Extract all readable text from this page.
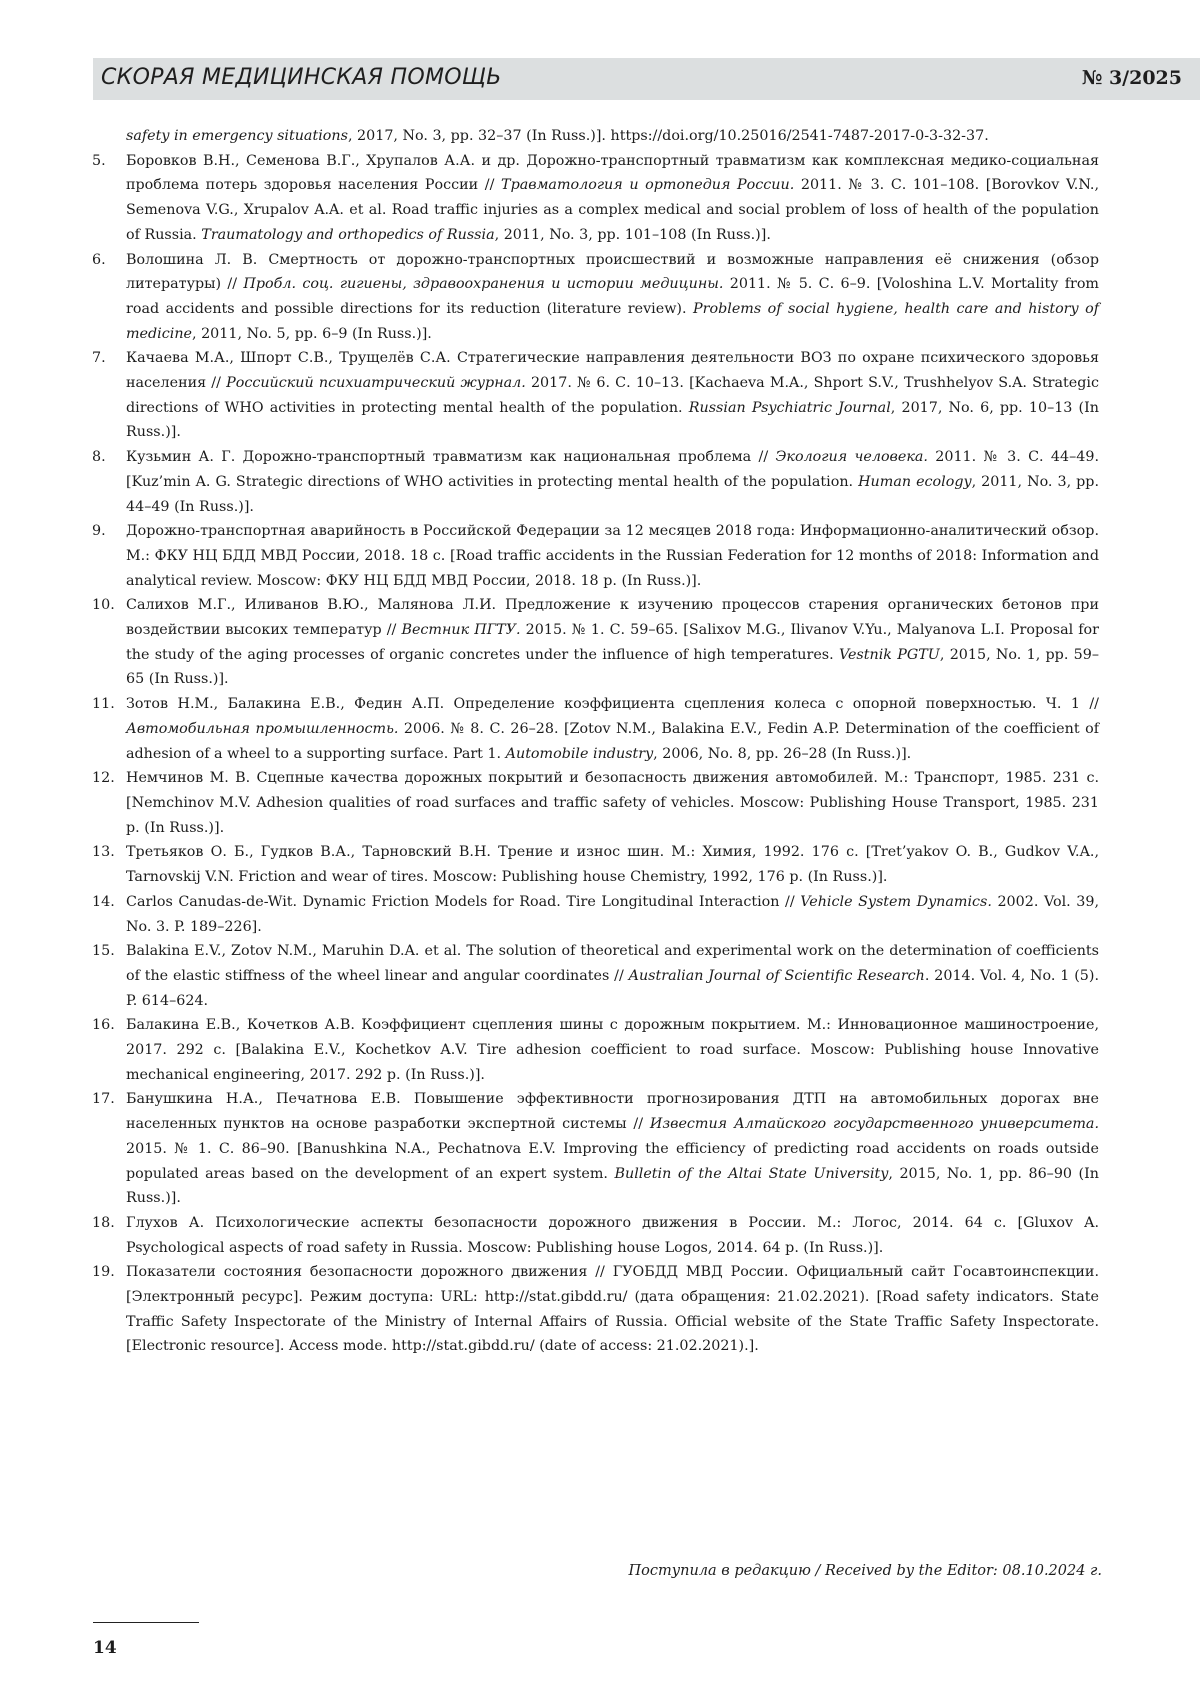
СКОРАЯ МЕДИЦИНСКАЯ ПОМОЩЬ	№ 3/2025
safety in emergency situations, 2017, No. 3, pp. 32–37 (In Russ.)]. https://doi.org/10.25016/2541-7487-2017-0-3-32-37.
5. Боровков В.Н., Семенова В.Г., Хрупалов А.А. и др. Дорожно-транспортный травматизм как комплексная медико-социальная проблема потерь здоровья населения России // Травматология и ортопедия России. 2011. № 3. С. 101–108. [Borovkov V.N., Semenova V.G., Xrupalov A.A. et al. Road traffic injuries as a complex medical and social problem of loss of health of the population of Russia. Traumatology and orthopedics of Russia, 2011, No. 3, pp. 101–108 (In Russ.)].
6. Волошина Л. В. Смертность от дорожно-транспортных происшествий и возможные направления её снижения (обзор литературы) // Пробл. соц. гигиены, здравоохранения и истории медицины. 2011. № 5. С. 6–9. [Voloshina L.V. Mortality from road accidents and possible directions for its reduction (literature review). Problems of social hygiene, health care and history of medicine, 2011, No. 5, pp. 6–9 (In Russ.)].
7. Качаева М.А., Шпорт С.В., Трущелёв С.А. Стратегические направления деятельности ВОЗ по охране психического здоровья населения // Российский психиатрический журнал. 2017. № 6. С. 10–13. [Kachaeva M.A., Shport S.V., Trushhelyov S.A. Strategic directions of WHO activities in protecting mental health of the population. Russian Psychiatric Journal, 2017, No. 6, pp. 10–13 (In Russ.)].
8. Кузьмин А. Г. Дорожно-транспортный травматизм как национальная проблема // Экология человека. 2011. № 3. С. 44–49. [Kuz’min A. G. Strategic directions of WHO activities in protecting mental health of the population. Human ecology, 2011, No. 3, pp. 44–49 (In Russ.)].
9. Дорожно-транспортная аварийность в Российской Федерации за 12 месяцев 2018 года: Информационно-аналитический обзор. М.: ФКУ НЦ БДД МВД России, 2018. 18 с. [Road traffic accidents in the Russian Federation for 12 months of 2018: Information and analytical review. Moscow: ФКУ НЦ БДД МВД России, 2018. 18 p. (In Russ.)].
10. Салихов М.Г., Иливанов В.Ю., Малянова Л.И. Предложение к изучению процессов старения органических бетонов при воздействии высоких температур // Вестник ПГТУ. 2015. № 1. С. 59–65. [Salixov M.G., Ilivanov V.Yu., Malyanova L.I. Proposal for the study of the aging processes of organic concretes under the influence of high temperatures. Vestnik PGTU, 2015, No. 1, pp. 59–65 (In Russ.)].
11. Зотов Н.М., Балакина Е.В., Федин А.П. Определение коэффициента сцепления колеса с опорной поверхностью. Ч. 1 // Автомобильная промышленность. 2006. № 8. С. 26–28. [Zotov N.M., Balakina E.V., Fedin A.P. Determination of the coefficient of adhesion of a wheel to a supporting surface. Part 1. Automobile industry, 2006, No. 8, pp. 26–28 (In Russ.)].
12. Немчинов М. В. Сцепные качества дорожных покрытий и безопасность движения автомобилей. М.: Транспорт, 1985. 231 с. [Nemchinov M.V. Adhesion qualities of road surfaces and traffic safety of vehicles. Moscow: Publishing House Transport, 1985. 231 p. (In Russ.)].
13. Третьяков О. Б., Гудков В.А., Тарновский В.Н. Трение и износ шин. М.: Химия, 1992. 176 с. [Tret’yakov O. B., Gudkov V.A., Tarnovskij V.N. Friction and wear of tires. Moscow: Publishing house Chemistry, 1992, 176 p. (In Russ.)].
14. Carlos Canudas-de-Wit. Dynamic Friction Models for Road. Tire Longitudinal Interaction // Vehicle System Dynamics. 2002. Vol. 39, No. 3. P. 189–226].
15. Balakina E.V., Zotov N.M., Maruhin D.A. et al. The solution of theoretical and experimental work on the determination of coefficients of the elastic stiffness of the wheel linear and angular coordinates // Australian Journal of Scientific Research. 2014. Vol. 4, No. 1 (5). P. 614–624.
16. Балакина Е.В., Кочетков А.В. Коэффициент сцепления шины с дорожным покрытием. М.: Инновационное машиностроение, 2017. 292 с. [Balakina E.V., Kochetkov A.V. Tire adhesion coefficient to road surface. Moscow: Publishing house Innovative mechanical engineering, 2017. 292 p. (In Russ.)].
17. Банушкина Н.А., Печатнова Е.В. Повышение эффективности прогнозирования ДТП на автомобильных дорогах вне населенных пунктов на основе разработки экспертной системы // Известия Алтайского государственного университета. 2015. № 1. С. 86–90. [Banushkina N.A., Pechatnova E.V. Improving the efficiency of predicting road accidents on roads outside populated areas based on the development of an expert system. Bulletin of the Altai State University, 2015, No. 1, pp. 86–90 (In Russ.)].
18. Глухов А. Психологические аспекты безопасности дорожного движения в России. М.: Логос, 2014. 64 с. [Gluxov A. Psychological aspects of road safety in Russia. Moscow: Publishing house Logos, 2014. 64 p. (In Russ.)].
19. Показатели состояния безопасности дорожного движения // ГУОБДД МВД России. Официальный сайт Госавтоинспекции. [Электронный ресурс]. Режим доступа: URL: http://stat.gibdd.ru/ (дата обращения: 21.02.2021). [Road safety indicators. State Traffic Safety Inspectorate of the Ministry of Internal Affairs of Russia. Official website of the State Traffic Safety Inspectorate. [Electronic resource]. Access mode. http://stat.gibdd.ru/ (date of access: 21.02.2021).].
Поступила в редакцию / Received by the Editor: 08.10.2024 г.
14
